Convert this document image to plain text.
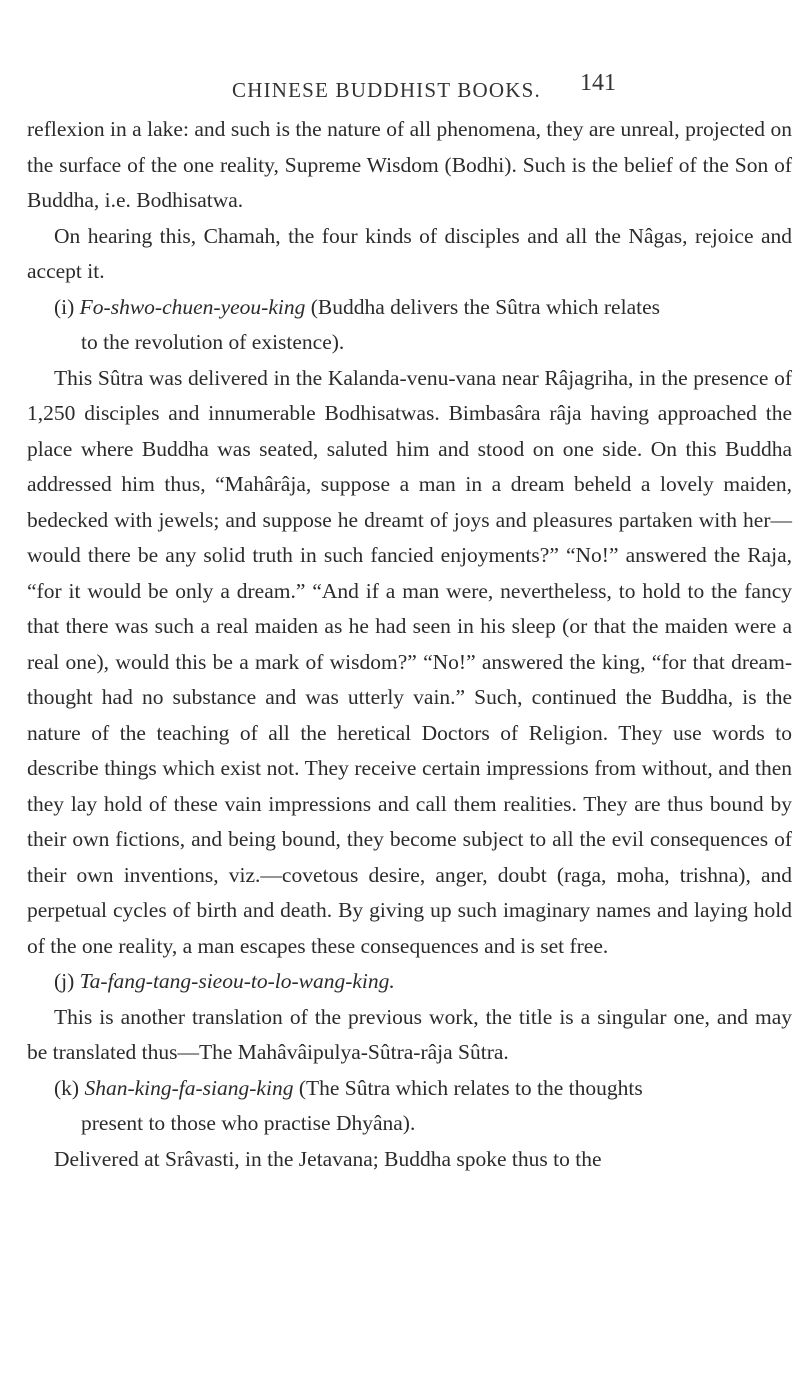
CHINESE BUDDHIST BOOKS. 141

reflexion in a lake: and such is the nature of all phenomena, they are unreal, projected on the surface of the one reality, Supreme Wisdom (Bodhi). Such is the belief of the Son of Buddha, i.e. Bodhisatwa.

On hearing this, Chamah, the four kinds of disciples and all the Nâgas, rejoice and accept it.

(i) Fo-shwo-chuen-yeou-king (Buddha delivers the Sûtra which relates
to the revolution of existence).

This Sûtra was delivered in the Kalanda-venu-vana near Râjagriha, in the presence of 1,250 disciples and innumerable Bodhisatwas. Bimbasâra râja having approached the place where Buddha was seated, saluted him and stood on one side. On this Buddha addressed him thus, “Mahârâja, suppose a man in a dream beheld a lovely maiden, bedecked with jewels; and suppose he dreamt of joys and pleasures partaken with her—would there be any solid truth in such fancied enjoyments?” “No!” answered the Raja, “for it would be only a dream.” “And if a man were, nevertheless, to hold to the fancy that there was such a real maiden as he had seen in his sleep (or that the maiden were a real one), would this be a mark of wisdom?” “No!” answered the king, “for that dream-thought had no substance and was utterly vain.” Such, continued the Buddha, is the nature of the teaching of all the heretical Doctors of Religion. They use words to describe things which exist not. They receive certain impressions from without, and then they lay hold of these vain impressions and call them realities. They are thus bound by their own fictions, and being bound, they become subject to all the evil consequences of their own inventions, viz.—covetous desire, anger, doubt (raga, moha, trishna), and perpetual cycles of birth and death. By giving up such imaginary names and laying hold of the one reality, a man escapes these consequences and is set free.

(j) Ta-fang-tang-sieou-to-lo-wang-king.

This is another translation of the previous work, the title is a singular one, and may be translated thus—The Mahâvâipulya-Sûtra-râja Sûtra.

(k) Shan-king-fa-siang-king (The Sûtra which relates to the thoughts
present to those who practise Dhyâna).

Delivered at Srâvasti, in the Jetavana; Buddha spoke thus to the
